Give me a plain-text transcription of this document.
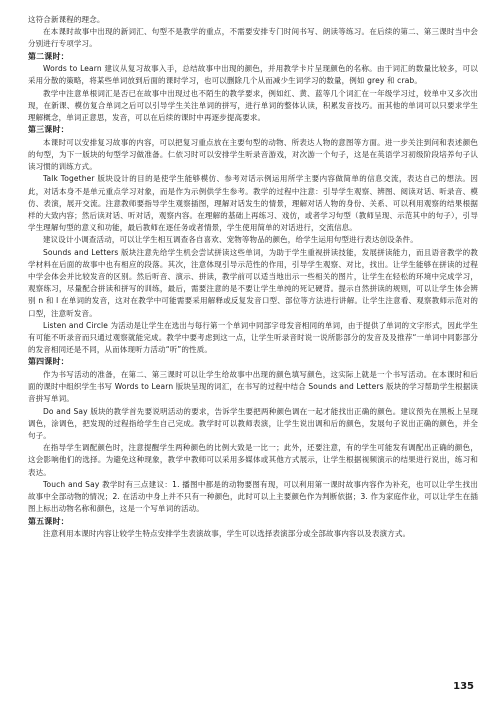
这符合新课程的理念。

在本课时故事中出现的新词汇、句型不是教学的重点，不需要安排专门时间书写、朗读等练习。在后续的第二、第三课时当中会分别进行专项学习。

第二课时：

Words to Learn 建议从复习故事入手，总结故事中出现的颜色，并用教学卡片呈现颜色的名称。由于词汇的数量比较多，可以采用分散的策略，将某些单词放到后面的课时学习，也可以删除几个从而减少生词学习的数量，例如 grey 和 crab。

教学中注意单根词汇是否已在故事中出现过也不陌生的教学要求，例如红、黄、蓝等几个词汇在一年级学习过，较单中又多次出现，在新课、模仿复合单词之后可以引导学生关注单词的拼写，进行单词的整体认读，积累发音技巧。而其他的单词可以只要求学生理解概念，单词正意思，发音，可以在后续的课时中再逐步提高要求。

第三课时：

本课时可以安排复习故事的内容，可以把复习重点放在主要句型的动物、所表达人物的意图等方面。进一步关注到问和表述颜色的句型，为下一版块的句型学习做准备。仁依习时可以安排学生听录音游戏，对次游一个句子，这是在英语学习初级阶段培养句子认读习惯的训练方式。

Talk Together 版块设计的目的是使学生能够模仿、参考对话示例运用所学主要内容做简单的信息交流，表达自己的想法。因此，对话本身不是单元重点学习对象，而是作为示例供学生参考。教学的过程中注意：引导学生观察、辨图、阅读对话、听录音、模仿、表演，展开交流。注意教师要指导学生观察插图，理解对话发生的情景，理解对话人物的身份、关系、可以利用观察的结果根据样的大致内容；然后读对话、听对话，观察内容。在理解的基础上再练习、戏仿，或者学习句型（教师呈现、示范其中的句子），引导学生理解句型的意义和功能，最后教师在逐任务或者情景，学生使用简单的对话进行，交流信息。

建议设计小调查活动，可以让学生相互调查各自喜欢、宠物等物品的颜色，给学生运用句型进行表达创设条件。

Sounds and Letters 版块注意先给学生机会尝试拼读这些单词，为助于学生重视拼读技能，发展拼读能力，而且语音教学的教学材料在后面的故事中也有相应的段落。其次，注意体现引导示范性的作用，引导学生观察、对比，找出。让学生能够在拼读的过程中学会体会并比较发音的区别。然后听音、演示、拼读，教学前可以适当地出示一些相关的图片，让学生在轻松的环境中完成学习，观察练习，尽量配合拼读和拼写的训练，最后，需要注意的是不要让学生单纯的死记硬背。提示自然拼读的规则，可以让学生体会辨别 n 和 l 在单词的发音，这对在教学中可能需要采用解释或反复发音口型、部位等方法进行讲解。让学生注意看、观察教师示范对的口型，注意听发音。

Listen and Circle 为活动是让学生在选出与每行第一个单词中同部字母发音相同的单词，由于提供了单词的文字形式，因此学生有可能不听录音而只通过观察就能完成。教学中要考虑到这一点，让学生听录音时说一说所影部分的发音及及推荐“一单词中同影部分的发音相同还是不同，从而体现听力活动“听”的性质。

第四课时：

作为书写活动的准备，在第二、第三课时可以让学生给故事中出现的颜色填写颜色，这实际上就是一个书写活动。在本课时和后面的课时中组织学生书写 Words to Learn 版块呈现的词汇，在书写的过程中结合 Sounds and Letters 版块的学习帮助学生根据读音拼写单词。

Do and Say 版块的教学首先要说明活动的要求，告诉学生要把两种颜色调在一起才能找出正确的颜色。建议预先在黑板上呈现调色，涂调色，把发现的过程指给学生自己完成。教学时可以教师表演，让学生说出调和后的颜色，发展句子说出正确的颜色，并全句子。

在指导学生调配颜色时，注意提醒学生两种颜色的比例大致是一比一；此外，还要注意，有的学生可能发有调配出正确的颜色，这会影响他们的选择。为避免这种现象，教学中教师可以采用多媒体或其他方式展示，让学生根据视频演示的结果进行说出，练习和表达。

Touch and Say 教学时有三点建议：1. 播图中都是的动物要图有现，可以利用第一课时故事内容作为补充，也可以让学生找出故事中全部动物的情况；2. 在活动中身上并不只有一种颜色，此时可以上主要颜色作为判断依据；3. 作为家庭作业，可以让学生在插图上标出动物名称和颜色，这是一个写单词的活动。

第五课时：

注意利用本课时内容让较学生特点安排学生表演故事，学生可以选择表演部分或全部故事内容以及表演方式。

135
